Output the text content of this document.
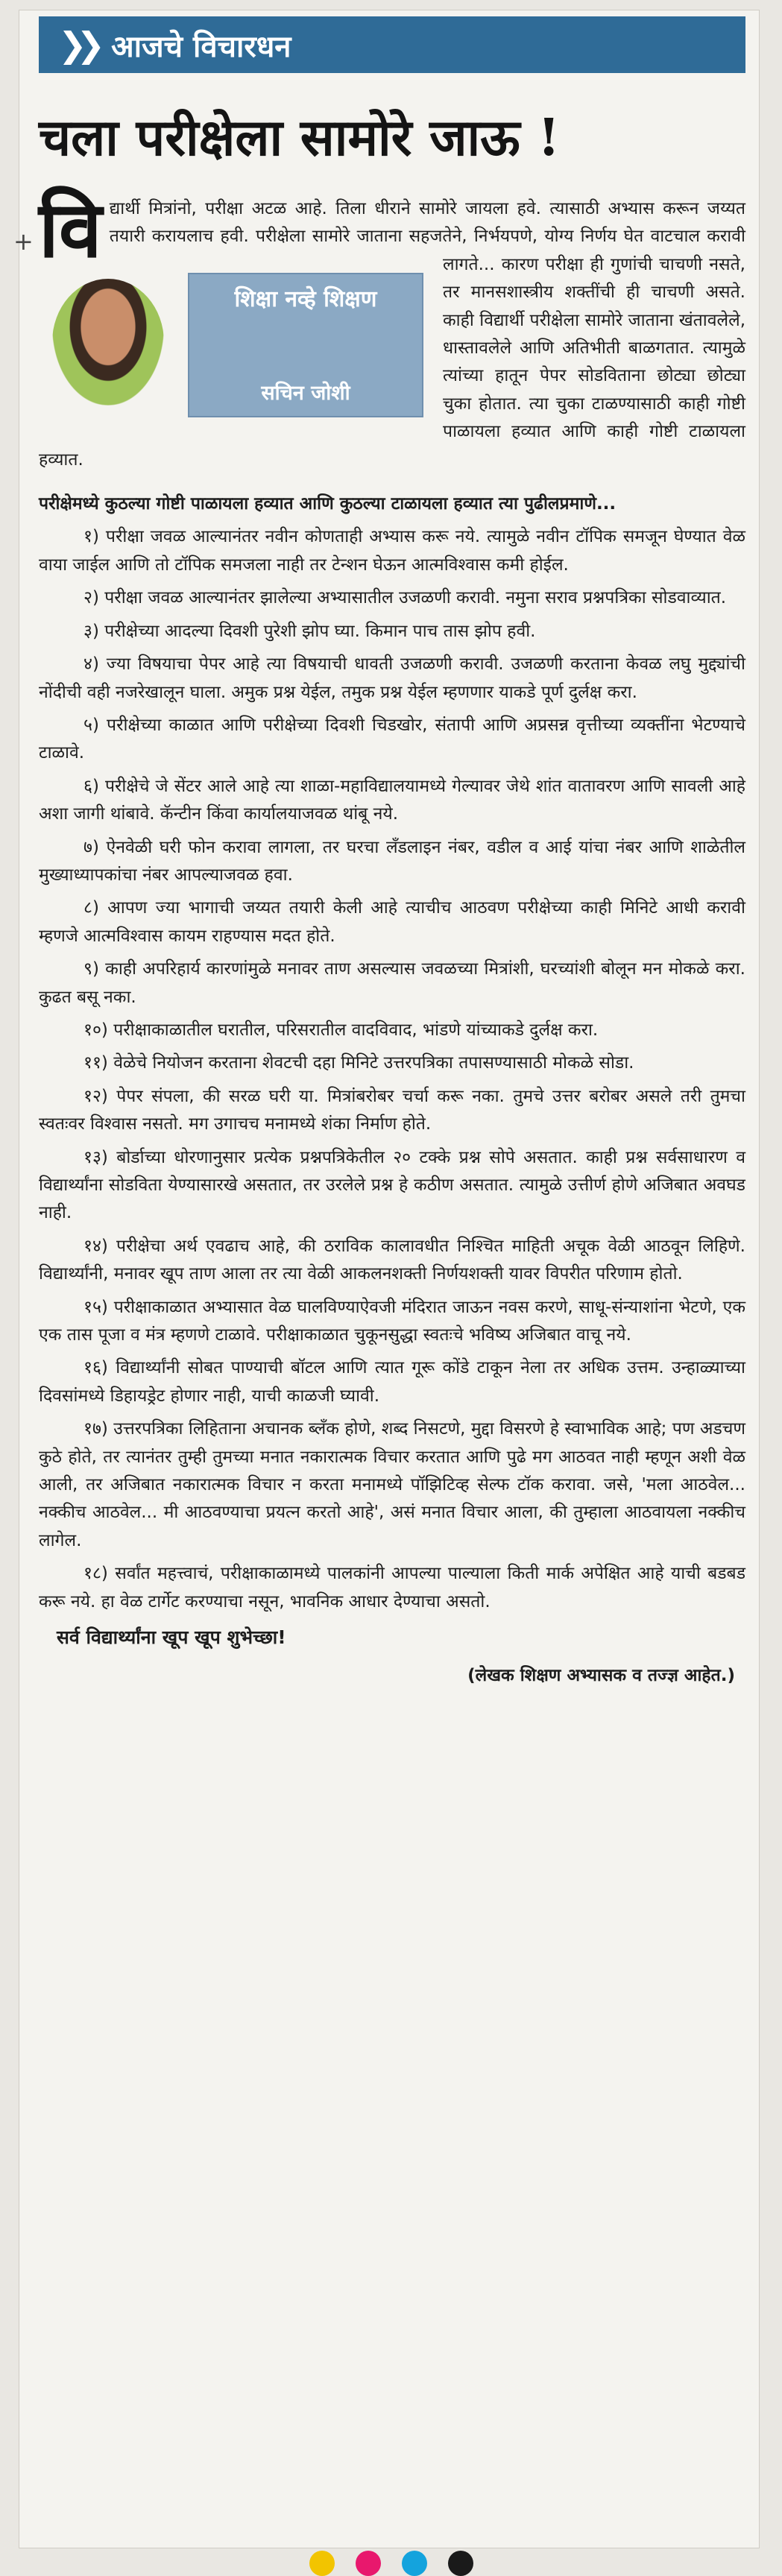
❯❯ आजचे विचारधन
चला परीक्षेला सामोरे जाऊ !
+ वि
शिक्षा नव्हे शिक्षण
सचिन जोशी
द्यार्थी मित्रांनो, परीक्षा अटळ आहे. तिला धीराने सामोरे जायला हवे. त्यासाठी अभ्यास करून जय्यत तयारी करायलाच हवी. परीक्षेला सामोरे जाताना सहजतेने, निर्भयपणे, योग्य निर्णय घेत वाटचाल करावी लागते... कारण परीक्षा ही गुणांची चाचणी नसते, तर मानसशास्त्रीय शक्तींची ही चाचणी असते. काही विद्यार्थी परीक्षेला सामोरे जाताना खंतावलेले, धास्तावलेले आणि अतिभीती बाळगतात. त्यामुळे त्यांच्या हातून पेपर सोडविताना छोट्या छोट्या चुका होतात. त्या चुका टाळण्यासाठी काही गोष्टी पाळायला हव्यात आणि काही गोष्टी टाळायला हव्यात.

परीक्षेमध्ये कुठल्या गोष्टी पाळायला हव्यात आणि कुठल्या टाळायला हव्यात त्या पुढीलप्रमाणे...

१) परीक्षा जवळ आल्यानंतर नवीन कोणताही अभ्यास करू नये. त्यामुळे नवीन टॉपिक समजून घेण्यात वेळ वाया जाईल आणि तो टॉपिक समजला नाही तर टेन्शन घेऊन आत्मविश्वास कमी होईल.

२) परीक्षा जवळ आल्यानंतर झालेल्या अभ्यासातील उजळणी करावी. नमुना सराव प्रश्नपत्रिका सोडवाव्यात.

३) परीक्षेच्या आदल्या दिवशी पुरेशी झोप घ्या. किमान पाच तास झोप हवी.

४) ज्या विषयाचा पेपर आहे त्या विषयाची धावती उजळणी करावी. उजळणी करताना केवळ लघु मुद्द्यांची नोंदीची वही नजरेखालून घाला. अमुक प्रश्न येईल, तमुक प्रश्न येईल म्हणणार याकडे पूर्ण दुर्लक्ष करा.

५) परीक्षेच्या काळात आणि परीक्षेच्या दिवशी चिडखोर, संतापी आणि अप्रसन्न वृत्तीच्या व्यक्तींना भेटण्याचे टाळावे.

६) परीक्षेचे जे सेंटर आले आहे त्या शाळा-महाविद्यालयामध्ये गेल्यावर जेथे शांत वातावरण आणि सावली आहे अशा जागी थांबावे. कॅन्टीन किंवा कार्यालयाजवळ थांबू नये.

७) ऐनवेळी घरी फोन करावा लागला, तर घरचा लँडलाइन नंबर, वडील व आई यांचा नंबर आणि शाळेतील मुख्याध्यापकांचा नंबर आपल्याजवळ हवा.

८) आपण ज्या भागाची जय्यत तयारी केली आहे त्याचीच आठवण परीक्षेच्या काही मिनिटे आधी करावी म्हणजे आत्मविश्वास कायम राहण्यास मदत होते.

९) काही अपरिहार्य कारणांमुळे मनावर ताण असल्यास जवळच्या मित्रांशी, घरच्यांशी बोलून मन मोकळे करा. कुढत बसू नका.

१०) परीक्षाकाळातील घरातील, परिसरातील वादविवाद, भांडणे यांच्याकडे दुर्लक्ष करा.

११) वेळेचे नियोजन करताना शेवटची दहा मिनिटे उत्तरपत्रिका तपासण्यासाठी मोकळे सोडा.

१२) पेपर संपला, की सरळ घरी या. मित्रांबरोबर चर्चा करू नका. तुमचे उत्तर बरोबर असले तरी तुमचा स्वतःवर विश्वास नसतो. मग उगाचच मनामध्ये शंका निर्माण होते.

१३) बोर्डाच्या धोरणानुसार प्रत्येक प्रश्नपत्रिकेतील २० टक्के प्रश्न सोपे असतात. काही प्रश्न सर्वसाधारण व विद्यार्थ्यांना सोडविता येण्यासारखे असतात, तर उरलेले प्रश्न हे कठीण असतात. त्यामुळे उत्तीर्ण होणे अजिबात अवघड नाही.

१४) परीक्षेचा अर्थ एवढाच आहे, की ठराविक कालावधीत निश्चित माहिती अचूक वेळी आठवून लिहिणे. विद्यार्थ्यांनी, मनावर खूप ताण आला तर त्या वेळी आकलनशक्ती निर्णयशक्ती यावर विपरीत परिणाम होतो.

१५) परीक्षाकाळात अभ्यासात वेळ घालविण्याऐवजी मंदिरात जाऊन नवस करणे, साधू-संन्याशांना भेटणे, एक एक तास पूजा व मंत्र म्हणणे टाळावे. परीक्षाकाळात चुकूनसुद्धा स्वतःचे भविष्य अजिबात वाचू नये.

१६) विद्यार्थ्यांनी सोबत पाण्याची बॉटल आणि त्यात गूरू कोंडे टाकून नेला तर अधिक उत्तम. उन्हाळ्याच्या दिवसांमध्ये डिहायड्रेट होणार नाही, याची काळजी घ्यावी.

१७) उत्तरपत्रिका लिहिताना अचानक ब्लँक होणे, शब्द निसटणे, मुद्दा विसरणे हे स्वाभाविक आहे; पण अडचण कुठे होते, तर त्यानंतर तुम्ही तुमच्या मनात नकारात्मक विचार करतात आणि पुढे मग आठवत नाही म्हणून अशी वेळ आली, तर अजिबात नकारात्मक विचार न करता मनामध्ये पॉझिटिव्ह सेल्फ टॉक करावा. जसे, 'मला आठवेल... नक्कीच आठवेल... मी आठवण्याचा प्रयत्न करतो आहे', असं मनात विचार आला, की तुम्हाला आठवायला नक्कीच लागेल.

१८) सर्वांत महत्त्वाचं, परीक्षाकाळामध्ये पालकांनी आपल्या पाल्याला किती मार्क अपेक्षित आहे याची बडबड करू नये. हा वेळ टार्गेट करण्याचा नसून, भावनिक आधार देण्याचा असतो.

सर्व विद्यार्थ्यांना खूप खूप शुभेच्छा!

(लेखक शिक्षण अभ्यासक व तज्ज्ञ आहेत.)
